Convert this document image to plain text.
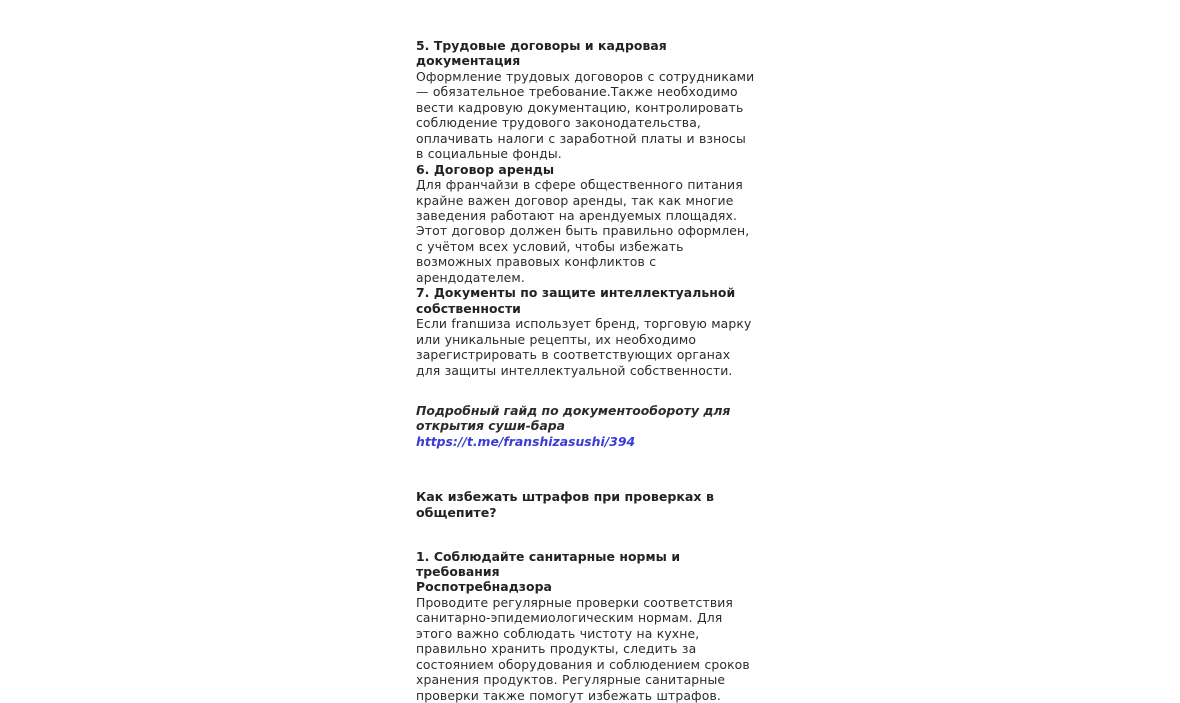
5. Трудовые договоры и кадровая документация

Оформление трудовых договоров с сотрудниками — обязательное требование.Также необходимо вести кадровую документацию, контролировать соблюдение трудового законодательства, оплачивать налоги с заработной платы и взносы в социальные фонды.

6. Договор аренды

Для франчайзи в сфере общественного питания крайне важен договор аренды, так как многие заведения работают на арендуемых площадях. Этот договор должен быть правильно оформлен, с учётом всех условий, чтобы избежать возможных правовых конфликтов с арендодателем.

7. Документы по защите интеллектуальной собственности

Если franшиза использует бренд, торговую марку или уникальные рецепты, их необходимо зарегистрировать в соответствующих органах для защиты интеллектуальной собственности.

Подробный гайд по документообороту для открытия суши-бара https://t.me/franshizasushi/394

Как избежать штрафов при проверках в общепите?

1. Соблюдайте санитарные нормы и требования

Роспотребнадзора

Проводите регулярные проверки соответствия санитарно-эпидемиологическим нормам. Для этого важно соблюдать чистоту на кухне, правильно хранить продукты, следить за состоянием оборудования и соблюдением сроков хранения продуктов. Регулярные санитарные проверки также помогут избежать штрафов.
